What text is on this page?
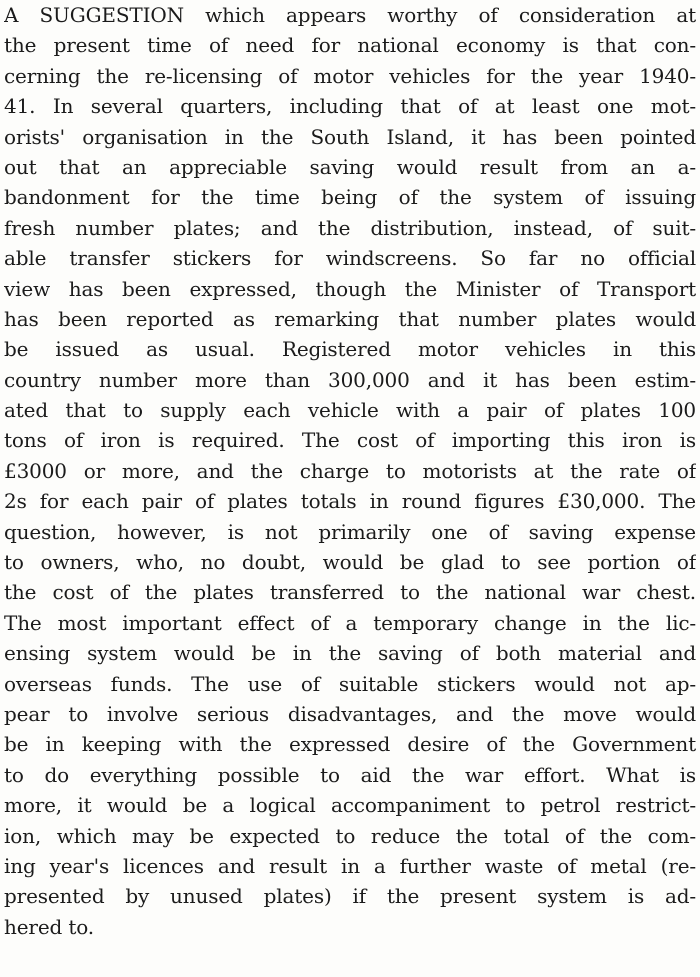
A SUGGESTION which appears worthy of consideration at
the present time of need for national economy is that con-
cerning the re-licensing of motor vehicles for the year 1940-
41. In several quarters, including that of at least one mot-
orists' organisation in the South Island, it has been pointed
out that an appreciable saving would result from an a-
bandonment for the time being of the system of issuing
fresh number plates; and the distribution, instead, of suit-
able transfer stickers for windscreens. So far no official
view has been expressed, though the Minister of Transport
has been reported as remarking that number plates would
be issued as usual. Registered motor vehicles in this
country number more than 300,000 and it has been estim-
ated that to supply each vehicle with a pair of plates 100
tons of iron is required. The cost of importing this iron is
£3000 or more, and the charge to motorists at the rate of
2s for each pair of plates totals in round figures £30,000. The
question, however, is not primarily one of saving expense
to owners, who, no doubt, would be glad to see portion of
the cost of the plates transferred to the national war chest.
The most important effect of a temporary change in the lic-
ensing system would be in the saving of both material and
overseas funds. The use of suitable stickers would not ap-
pear to involve serious disadvantages, and the move would
be in keeping with the expressed desire of the Government
to do everything possible to aid the war effort. What is
more, it would be a logical accompaniment to petrol restrict-
ion, which may be expected to reduce the total of the com-
ing year's licences and result in a further waste of metal (re-
presented by unused plates) if the present system is ad-
hered to.
